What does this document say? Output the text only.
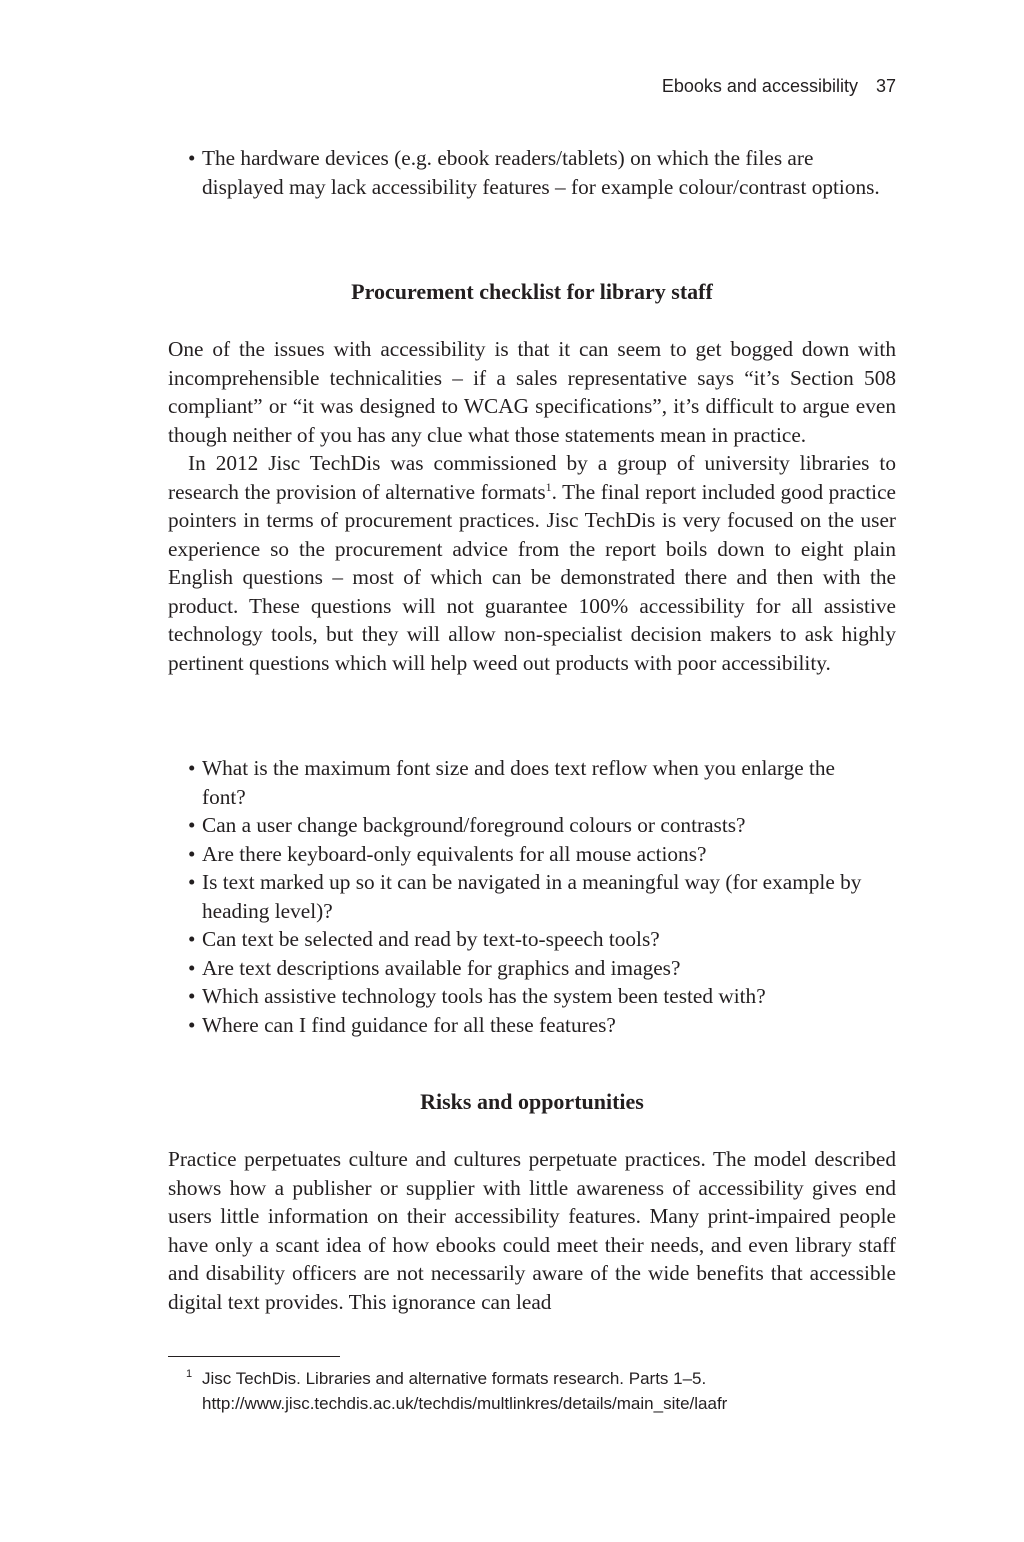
Ebooks and accessibility 37
• The hardware devices (e.g. ebook readers/tablets) on which the files are displayed may lack accessibility features – for example colour/contrast options.
Procurement checklist for library staff

One of the issues with accessibility is that it can seem to get bogged down with incomprehensible technicalities – if a sales representative says “it’s Section 508 compliant” or “it was designed to WCAG specifications”, it’s difficult to argue even though neither of you has any clue what those statements mean in practice.

In 2012 Jisc TechDis was commissioned by a group of university libraries to research the provision of alternative formats$^1$. The final report included good practice pointers in terms of procurement practices. Jisc TechDis is very focused on the user experience so the procurement advice from the report boils down to eight plain English questions – most of which can be demonstrated there and then with the product. These questions will not guarantee 100% accessibility for all assistive technology tools, but they will allow non-specialist decision makers to ask highly pertinent questions which will help weed out products with poor accessibility.

• What is the maximum font size and does text reflow when you enlarge the font?
• Can a user change background/foreground colours or contrasts?
• Are there keyboard-only equivalents for all mouse actions?
• Is text marked up so it can be navigated in a meaningful way (for example by heading level)?
• Can text be selected and read by text-to-speech tools?
• Are text descriptions available for graphics and images?
• Which assistive technology tools has the system been tested with?
• Where can I find guidance for all these features?
Risks and opportunities

Practice perpetuates culture and cultures perpetuate practices. The model described shows how a publisher or supplier with little awareness of accessibility gives end users little information on their accessibility features. Many print-impaired people have only a scant idea of how ebooks could meet their needs, and even library staff and disability officers are not necessarily aware of the wide benefits that accessible digital text provides. This ignorance can lead

1 Jisc TechDis. Libraries and alternative formats research. Parts 1–5. http://www.jisc.techdis.ac.uk/techdis/multlinkres/details/main_site/laafr
